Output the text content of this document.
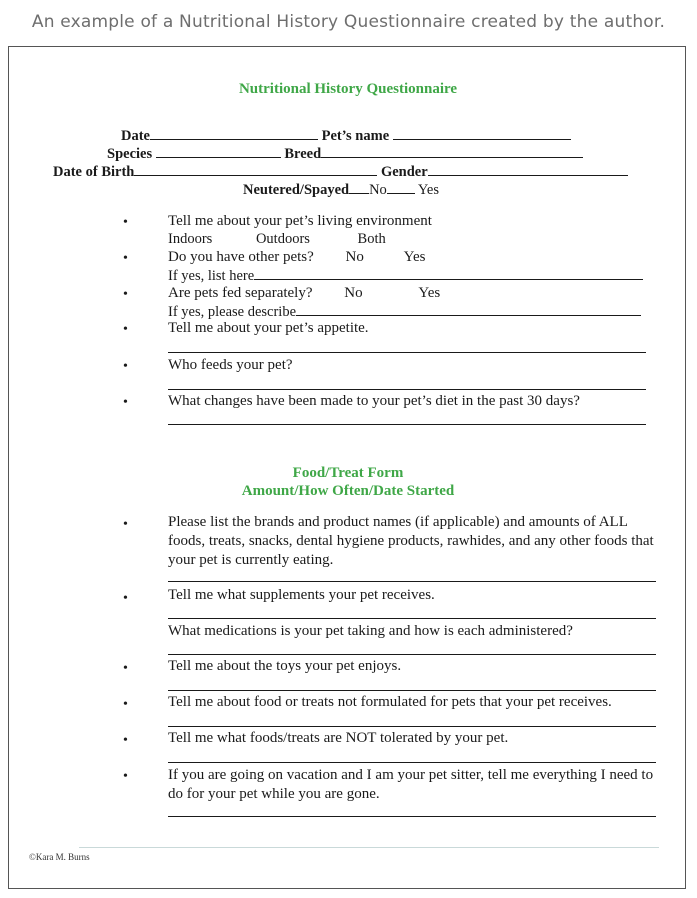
An example of a Nutritional History Questionnaire created by the author.
Nutritional History Questionnaire
Date	Pet’s name
Species	Breed
Date of Birth	Gender
Neutered/Spayed No Yes
•	Tell me about your pet’s living environment
Indoors	Outdoors	Both
•	Do you have other pets? No	Yes
If yes, list here
•	Are pets fed separately? No	Yes
If yes, please describe
•	Tell me about your pet’s appetite.
•	Who feeds your pet?
•	What changes have been made to your pet’s diet in the past 30 days?
Food/Treat Form
Amount/How Often/Date Started
•	Please list the brands and product names (if applicable) and amounts of ALL foods, treats, snacks, dental hygiene products, rawhides, and any other foods that your pet is currently eating.
•	Tell me what supplements your pet receives.
What medications is your pet taking and how is each administered?
•	Tell me about the toys your pet enjoys.
•	Tell me about food or treats not formulated for pets that your pet receives.
•	Tell me what foods/treats are NOT tolerated by your pet.
•	If you are going on vacation and I am your pet sitter, tell me everything I need to do for your pet while you are gone.
©Kara M. Burns
